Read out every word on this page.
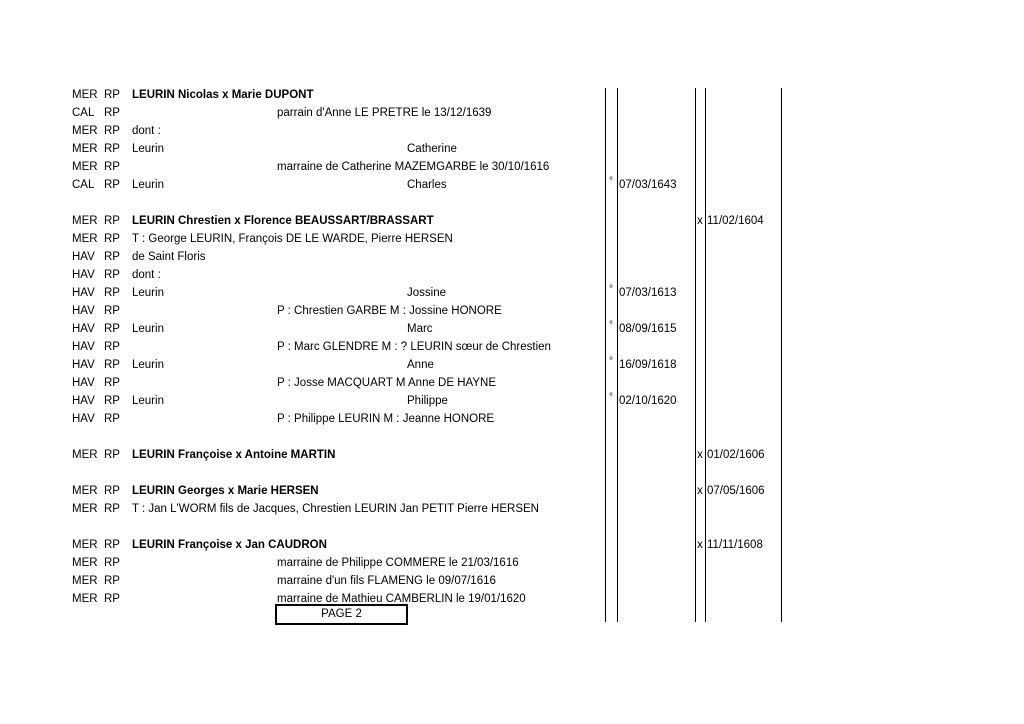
MER RP LEURIN Nicolas x Marie DUPONT
CAL RP	parrain d'Anne LE PRETRE le 13/12/1639
MER RP dont :
MER RP Leurin	Catherine
MER RP	marraine de Catherine MAZEMGARBE le 30/10/1616
CAL RP Leurin	Charles	° 07/03/1643
MER RP LEURIN Chrestien x Florence BEAUSSART/BRASSART	x 11/02/1604
MER RP T : George LEURIN, François DE LE WARDE, Pierre HERSEN
HAV RP de Saint Floris
HAV RP dont :
HAV RP Leurin	Jossine	° 07/03/1613
HAV RP	P : Chrestien GARBE M : Jossine HONORE
HAV RP Leurin	Marc	° 08/09/1615
HAV RP	P : Marc GLENDRE M : ? LEURIN sœur de Chrestien
HAV RP Leurin	Anne	° 16/09/1618
HAV RP	P : Josse MACQUART M Anne DE HAYNE
HAV RP Leurin	Philippe	° 02/10/1620
HAV RP	P : Philippe LEURIN M : Jeanne HONORE
MER RP LEURIN Françoise x Antoine MARTIN	x 01/02/1606
MER RP LEURIN Georges x Marie HERSEN	x 07/05/1606
MER RP T : Jan L'WORM fils de Jacques, Chrestien LEURIN Jan PETIT Pierre HERSEN
MER RP LEURIN Françoise x Jan CAUDRON	x 11/11/1608
MER RP	marraine de Philippe COMMERE le 21/03/1616
MER RP	marraine d'un fils FLAMENG le 09/07/1616
MER RP	marraine de Mathieu CAMBERLIN le 19/01/1620
PAGE 2
